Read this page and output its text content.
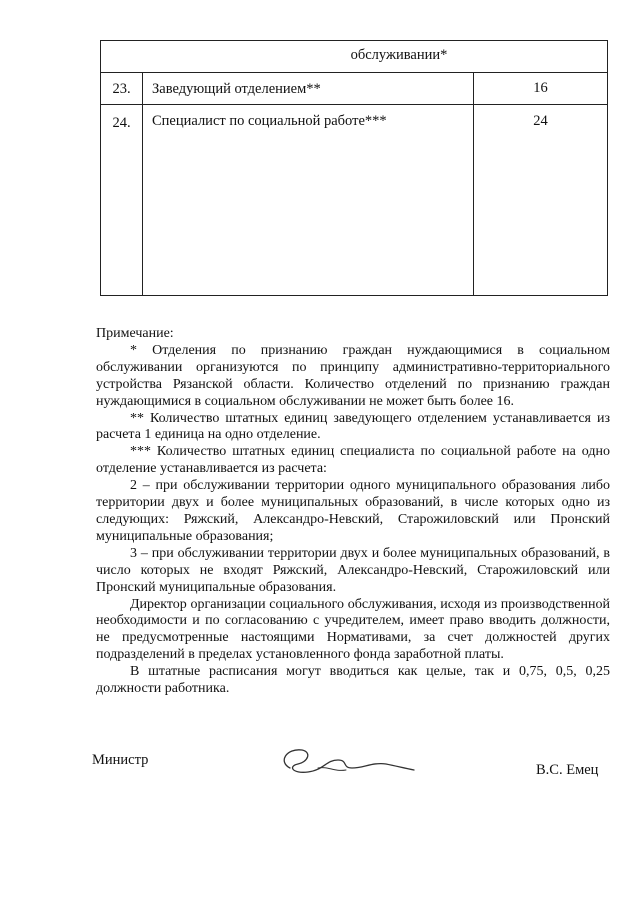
обслуживании*
23.	Заведующий отделением**	16
24.	Специалист по социальной работе***	24

Примечание:

* Отделения по признанию граждан нуждающимися в социальном обслуживании организуются по принципу административно-территориального устройства Рязанской области. Количество отделений по признанию граждан нуждающимися в социальном обслуживании не может быть более 16.

** Количество штатных единиц заведующего отделением устанавливается из расчета 1 единица на одно отделение.

*** Количество штатных единиц специалиста по социальной работе на одно отделение устанавливается из расчета:

2 – при обслуживании территории одного муниципального образования либо территории двух и более муниципальных образований, в числе которых одно из следующих: Ряжский, Александро-Невский, Старожиловский или Пронский муниципальные образования;

3 – при обслуживании территории двух и более муниципальных образований, в число которых не входят Ряжский, Александро-Невский, Старожиловский или Пронский муниципальные образования.

Директор организации социального обслуживания, исходя из производственной необходимости и по согласованию с учредителем, имеет право вводить должности, не предусмотренные настоящими Нормативами, за счет должностей других подразделений в пределах установленного фонда заработной платы.

В штатные расписания могут вводиться как целые, так и 0,75, 0,5, 0,25 должности работника.

Министр
В.С. Емец
